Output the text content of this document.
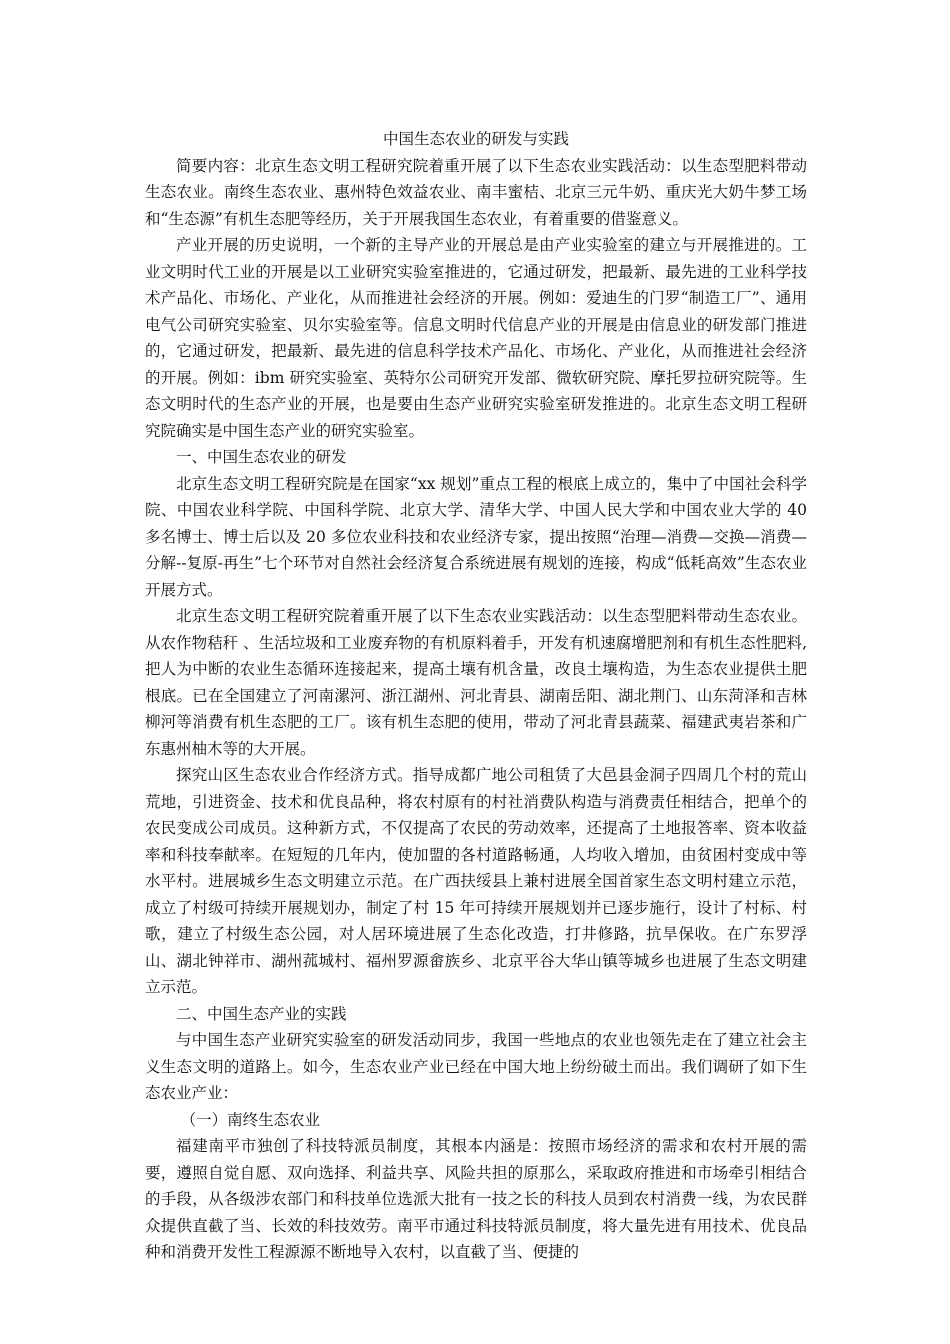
中国生态农业的研发与实践

简要内容：北京生态文明工程研究院着重开展了以下生态农业实践活动：以生态型肥料带动生态农业。南终生态农业、惠州特色效益农业、南丰蜜桔、北京三元牛奶、重庆光大奶牛梦工场和“生态源”有机生态肥等经历，关于开展我国生态农业，有着重要的借鉴意义。

产业开展的历史说明，一个新的主导产业的开展总是由产业实验室的建立与开展推进的。工业文明时代工业的开展是以工业研究实验室推进的，它通过研发，把最新、最先进的工业科学技术产品化、市场化、产业化，从而推进社会经济的开展。例如：爱迪生的门罗“制造工厂”、通用电气公司研究实验室、贝尔实验室等。信息文明时代信息产业的开展是由信息业的研发部门推进的，它通过研发，把最新、最先进的信息科学技术产品化、市场化、产业化，从而推进社会经济的开展。例如：ibm 研究实验室、英特尔公司研究开发部、微软研究院、摩托罗拉研究院等。生态文明时代的生态产业的开展，也是要由生态产业研究实验室研发推进的。北京生态文明工程研究院确实是中国生态产业的研究实验室。

一、中国生态农业的研发

北京生态文明工程研究院是在国家“xx 规划”重点工程的根底上成立的，集中了中国社会科学院、中国农业科学院、中国科学院、北京大学、清华大学、中国人民大学和中国农业大学的 40 多名博士、博士后以及 20 多位农业科技和农业经济专家，提出按照“治理—消费—交换—消费—分解--复原-再生”七个环节对自然社会经济复合系统进展有规划的连接，构成“低耗高效”生态农业开展方式。

北京生态文明工程研究院着重开展了以下生态农业实践活动：以生态型肥料带动生态农业。从农作物秸秆 、生活垃圾和工业废弃物的有机原料着手，开发有机速腐增肥剂和有机生态性肥料,把人为中断的农业生态循环连接起来，提高土壤有机含量，改良土壤构造，为生态农业提供土肥根底。已在全国建立了河南漯河、浙江湖州、河北青县、湖南岳阳、湖北荆门、山东菏泽和吉林柳河等消费有机生态肥的工厂。该有机生态肥的使用，带动了河北青县蔬菜、福建武夷岩茶和广东惠州柚木等的大开展。

探究山区生态农业合作经济方式。指导成都广地公司租赁了大邑县金洞子四周几个村的荒山荒地，引进资金、技术和优良品种，将农村原有的村社消费队构造与消费责任相结合，把单个的农民变成公司成员。这种新方式，不仅提高了农民的劳动效率，还提高了土地报答率、资本收益率和科技奉献率。在短短的几年内，使加盟的各村道路畅通，人均收入增加，由贫困村变成中等水平村。进展城乡生态文明建立示范。在广西扶绥县上兼村进展全国首家生态文明村建立示范，成立了村级可持续开展规划办，制定了村 15 年可持续开展规划并已逐步施行，设计了村标、村歌，建立了村级生态公园，对人居环境进展了生态化改造，打井修路，抗旱保收。在广东罗浮山、湖北钟祥市、湖州菰城村、福州罗源畲族乡、北京平谷大华山镇等城乡也进展了生态文明建立示范。

二、中国生态产业的实践

与中国生态产业研究实验室的研发活动同步，我国一些地点的农业也领先走在了建立社会主义生态文明的道路上。如今，生态农业产业已经在中国大地上纷纷破土而出。我们调研了如下生态农业产业：

（一）南终生态农业

福建南平市独创了科技特派员制度，其根本内涵是：按照市场经济的需求和农村开展的需要，遵照自觉自愿、双向选择、利益共享、风险共担的原那么，采取政府推进和市场牵引相结合的手段，从各级涉农部门和科技单位选派大批有一技之长的科技人员到农村消费一线，为农民群众提供直截了当、长效的科技效劳。南平市通过科技特派员制度，将大量先进有用技术、优良品种和消费开发性工程源源不断地导入农村，以直截了当、便捷的
